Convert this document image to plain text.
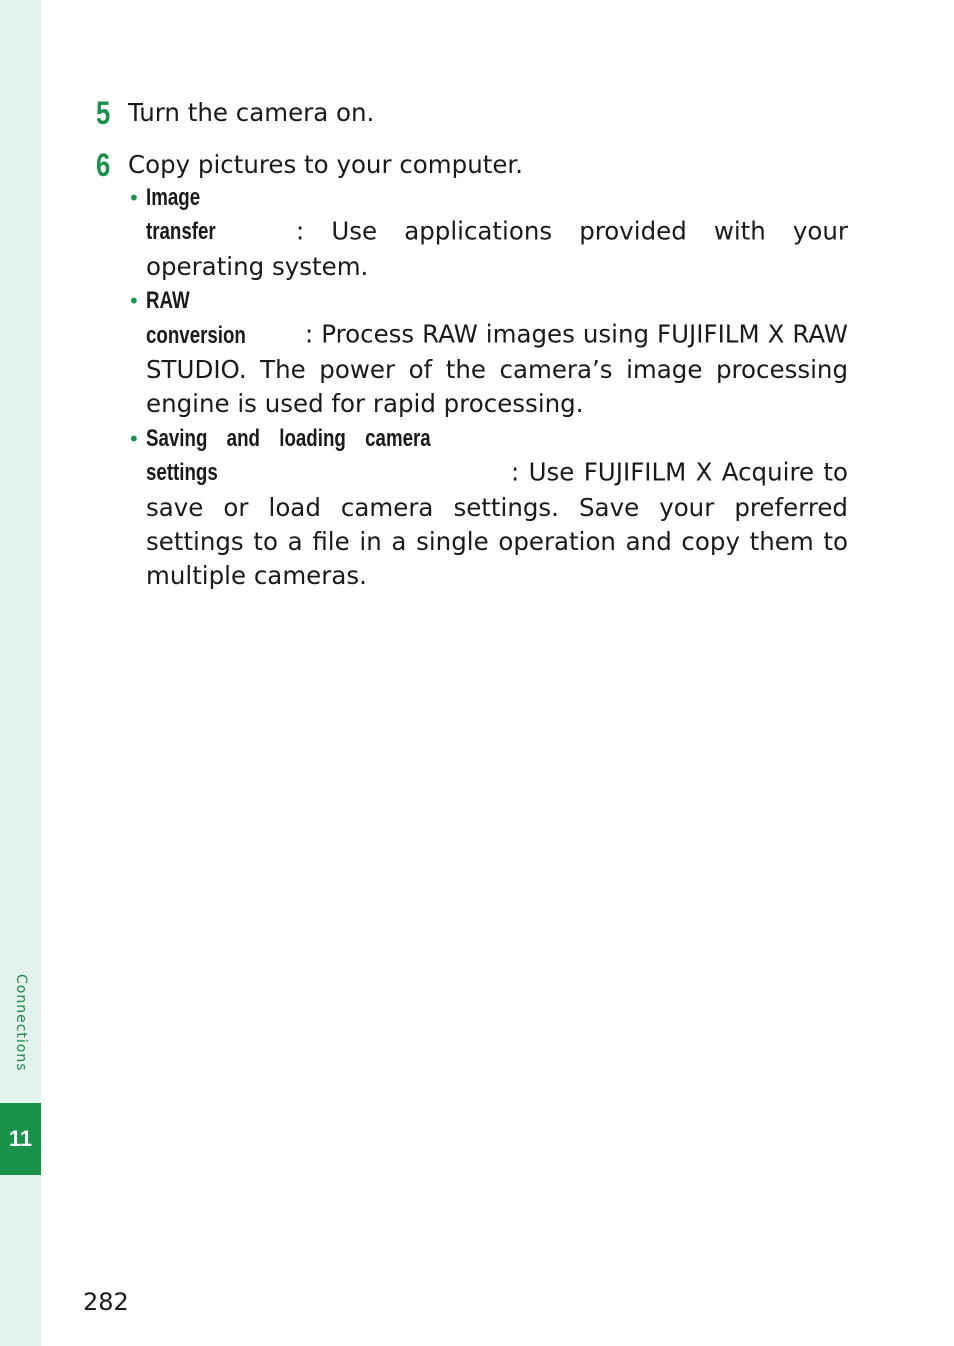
Connections
11
5 Turn the camera on.
6 Copy pictures to your computer.
• Image transfer	: Use applications provided with your operating system.
• RAW conversion : Process RAW images using FUJIFILM X RAW STUDIO. The power of the camera’s image processing engine is used for rapid processing.
• Saving and loading camera settings	: Use FUJIFILM X Acquire to save or load camera settings. Save your preferred settings to a file in a single operation and copy them to multiple cameras.
282
